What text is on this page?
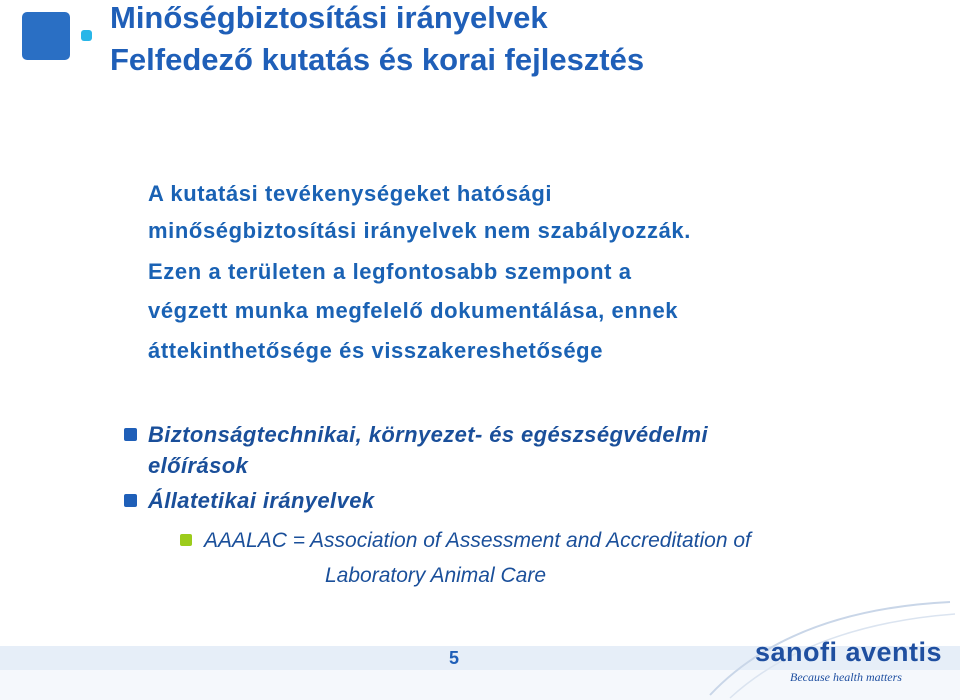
Minőségbiztosítási irányelvek
Felfedező kutatás és korai fejlesztés
A kutatási tevékenységeket hatósági
minőségbiztosítási irányelvek nem szabályozzák.
Ezen a területen a legfontosabb szempont a
végzett munka megfelelő dokumentálása, ennek
áttekinthetősége és visszakereshetősége
Biztonságtechnikai, környezet- és egészségvédelmi
előírások
Állatetikai irányelvek
AAALAC = Association of Assessment and Accreditation of
Laboratory Animal Care
5	sanofi aventis
Because health matters
